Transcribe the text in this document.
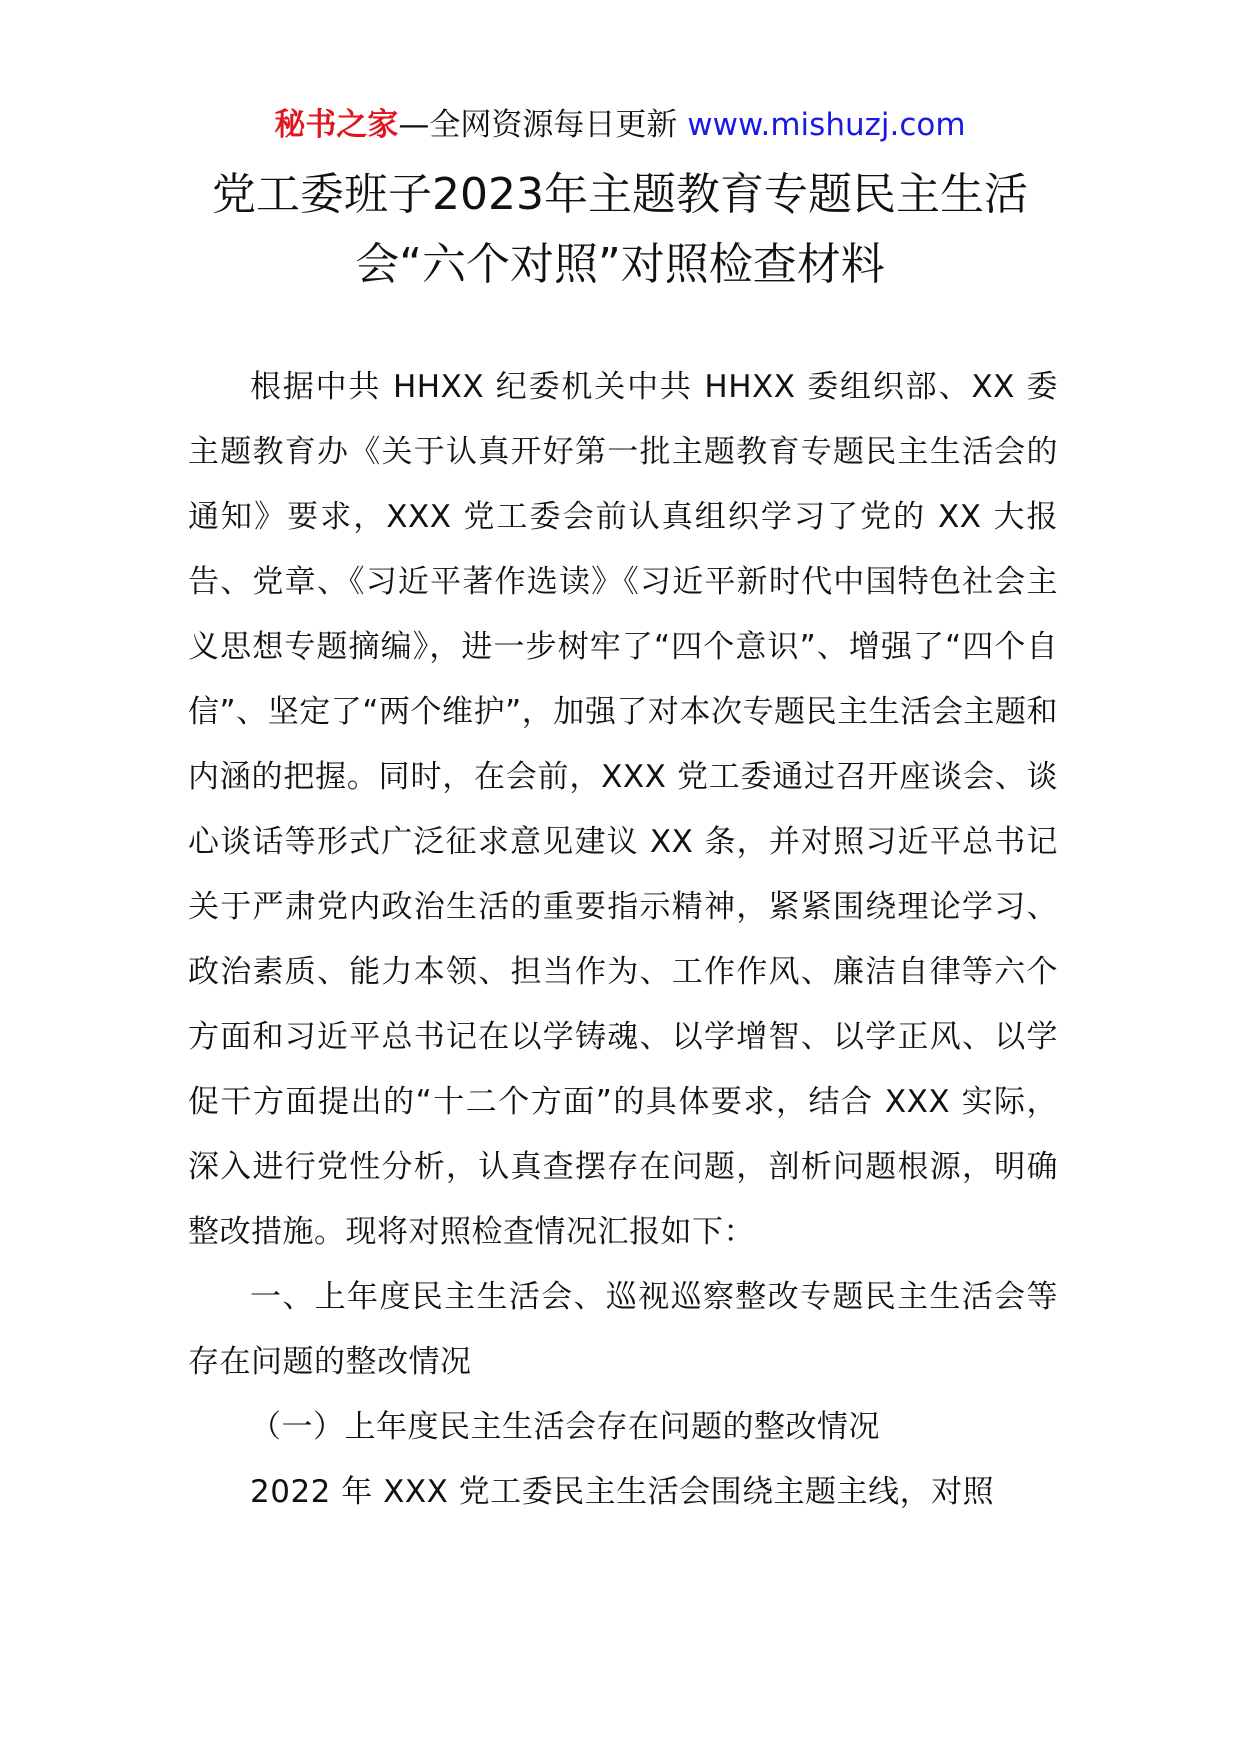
秘书之家—全网资源每日更新 www.mishuzj.com
党工委班子2023年主题教育专题民主生活
会“六个对照”对照检查材料

根据中共 HHXX 纪委机关中共 HHXX 委组织部、XX 委主题教育办《关于认真开好第一批主题教育专题民主生活会的通知》要求，XXX 党工委会前认真组织学习了党的 XX 大报告、党章、《习近平著作选读》《习近平新时代中国特色社会主义思想专题摘编》，进一步树牢了“四个意识”、增强了“四个自信”、坚定了“两个维护”，加强了对本次专题民主生活会主题和内涵的把握。同时，在会前，XXX 党工委通过召开座谈会、谈心谈话等形式广泛征求意见建议 XX 条，并对照习近平总书记关于严肃党内政治生活的重要指示精神，紧紧围绕理论学习、政治素质、能力本领、担当作为、工作作风、廉洁自律等六个方面和习近平总书记在以学铸魂、以学增智、以学正风、以学促干方面提出的“十二个方面”的具体要求，结合 XXX 实际，深入进行党性分析，认真查摆存在问题，剖析问题根源，明确整改措施。现将对照检查情况汇报如下：

一、上年度民主生活会、巡视巡察整改专题民主生活会等存在问题的整改情况

（一）上年度民主生活会存在问题的整改情况

2022 年 XXX 党工委民主生活会围绕主题主线，对照
